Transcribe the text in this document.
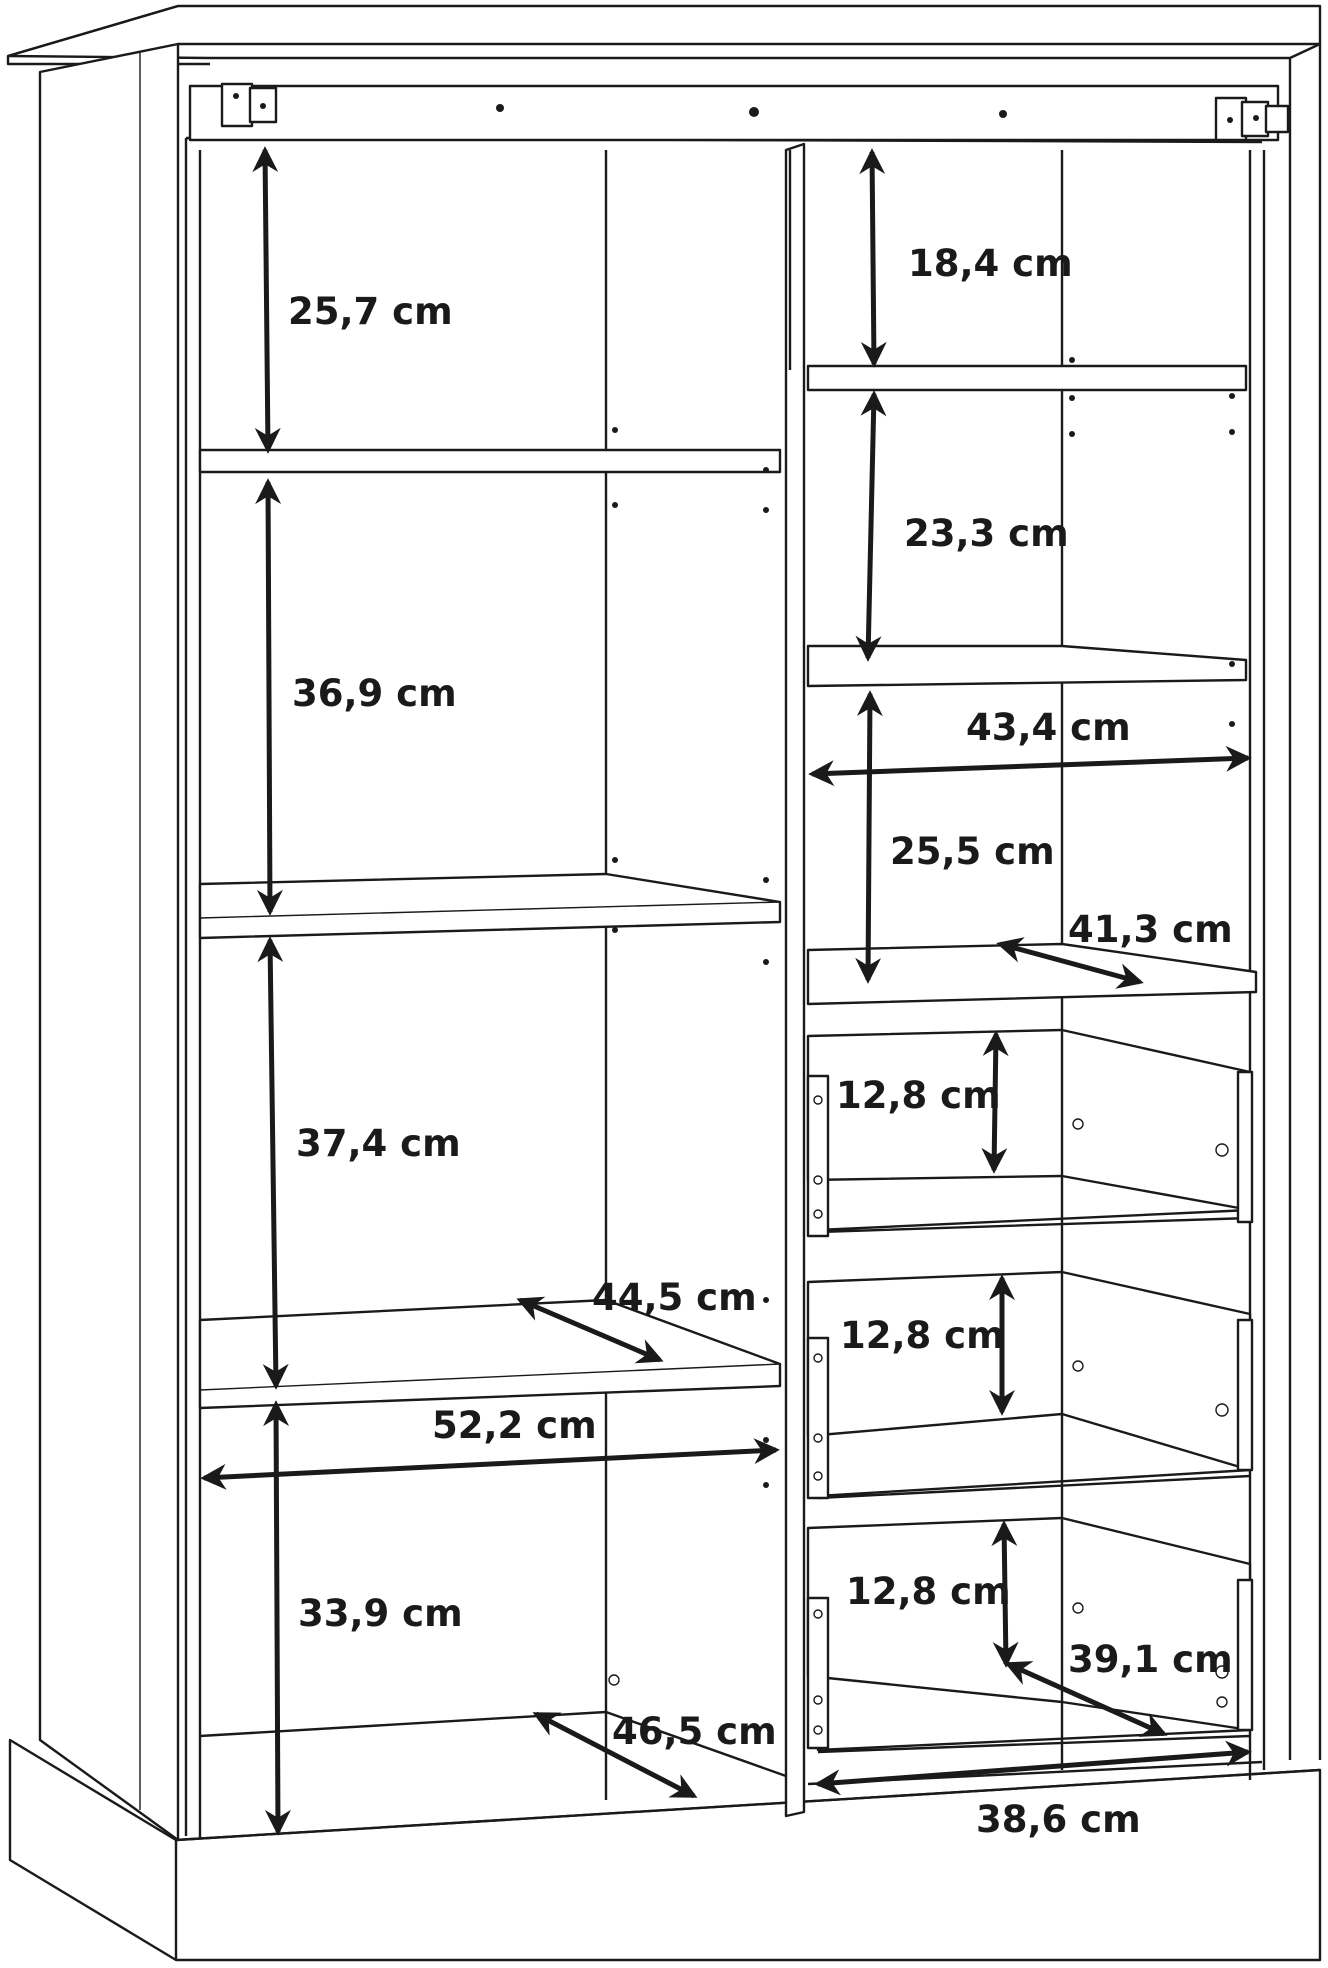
25,7 cm
36,9 cm
37,4 cm
33,9 cm
44,5 cm
52,2 cm
46,5 cm
18,4 cm
23,3 cm
43,4 cm
25,5 cm
41,3 cm
12,8 cm
12,8 cm
12,8 cm
39,1 cm
38,6 cm
